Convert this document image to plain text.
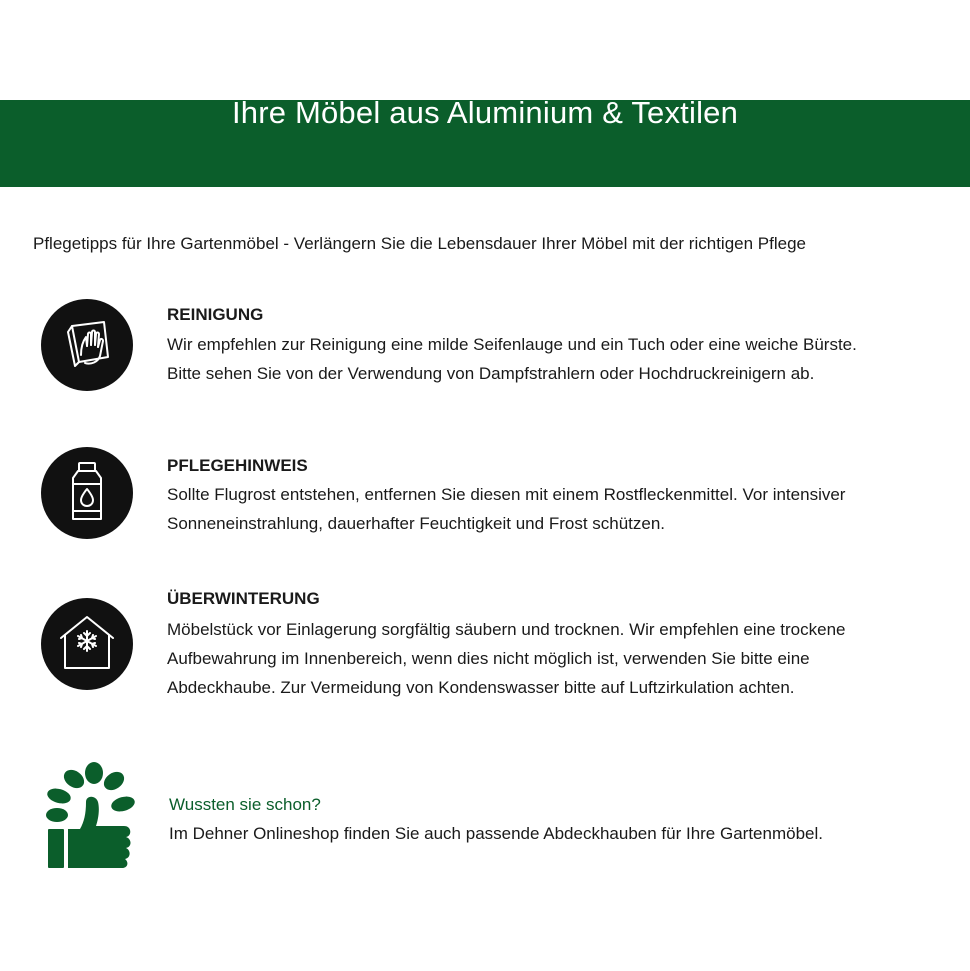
Ihre Möbel aus Aluminium & Textilen

Pflegetipps für Ihre Gartenmöbel - Verlängern Sie die Lebensdauer Ihrer Möbel mit der richtigen Pflege

REINIGUNG

Wir empfehlen zur Reinigung eine milde Seifenlauge und ein Tuch oder eine weiche Bürste.

Bitte sehen Sie von der Verwendung von Dampfstrahlern oder Hochdruckreinigern ab.

PFLEGEHINWEIS

Sollte Flugrost entstehen, entfernen Sie diesen mit einem Rostfleckenmittel. Vor intensiver

Sonneneinstrahlung, dauerhafter Feuchtigkeit und Frost schützen.

ÜBERWINTERUNG

Möbelstück vor Einlagerung sorgfältig säubern und trocknen. Wir empfehlen eine trockene

Aufbewahrung im Innenbereich, wenn dies nicht möglich ist, verwenden Sie bitte eine

Abdeckhaube. Zur Vermeidung von Kondenswasser bitte auf Luftzirkulation achten.

Wussten sie schon?

Im Dehner Onlineshop finden Sie auch passende Abdeckhauben für Ihre Gartenmöbel.
